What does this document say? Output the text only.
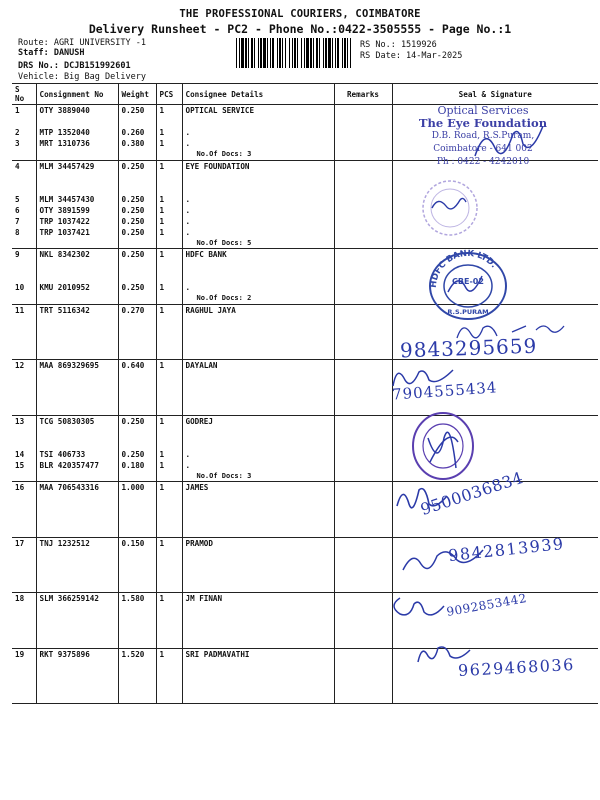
THE PROFESSIONAL COURIERS, COIMBATORE
Delivery Runsheet - PC2 - Phone No.:0422-3505555 - Page No.:1
Route: AGRI UNIVERSITY -1
Staff: DANUSH
DRS No.: DCJB151992601
Vehicle: Big Bag Delivery
RS No.: 1519926
RS Date: 14-Mar-2025
S No	Consignment No	Weight	PCS	Consignee Details	Remarks	Seal & Signature
1	OTY 3889040	0.250	1	OPTICAL SERVICE		

2	MTP 1352040	0.260	1	.		
3	MRT 1310736	0.380	1	.		
				No.Of Docs: 3		
4	MLM 34457429	0.250	1	EYE FOUNDATION		

5	MLM 34457430	0.250	1	.		
6	OTY 3891599	0.250	1	.		
7	TRP 1037422	0.250	1	.		
8	TRP 1037421	0.250	1	.		
				No.Of Docs: 5		
9	NKL 8342302	0.250	1	HDFC BANK		

10	KMU 2010952	0.250	1	.		
				No.Of Docs: 2		
11	TRT 5116342	0.270	1	RAGHUL JAYA		

12	MAA 869329695	0.640	1	DAYALAN		

13	TCG 50830305	0.250	1	GODREJ		

14	TSI 406733	0.250	1	.		
15	BLR 420357477	0.180	1	.		
				No.Of Docs: 3		
16	MAA 706543316	1.000	1	JAMES		

17	TNJ 1232512	0.150	1	PRAMOD		

18	SLM 366259142	1.580	1	JM FINAN		

19	RKT 9375896	1.520	1	SRI PADMAVATHI		

Optical Services
The Eye Foundation
D.B. Road, R.S.Puram,
Coimbatore - 641 002
Ph : 0422 - 4242010
HDFC BANK LTD.
CBE-02
R.S.PURAM
9843295659
7904555434
9500036834
9842813939
9092853442
9629468036
